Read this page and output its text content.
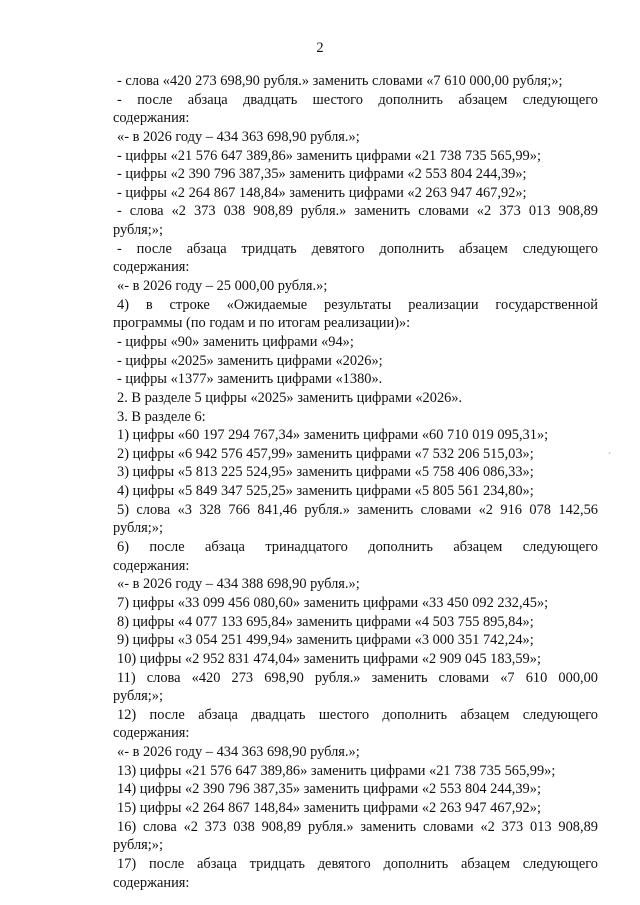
2
- слова «420 273 698,90 рубля.» заменить словами «7 610 000,00 рубля;»;
- после абзаца двадцать шестого дополнить абзацем следующего
содержания:
«- в 2026 году – 434 363 698,90 рубля.»;
- цифры «21 576 647 389,86» заменить цифрами «21 738 735 565,99»;
- цифры «2 390 796 387,35» заменить цифрами «2 553 804 244,39»;
- цифры «2 264 867 148,84» заменить цифрами «2 263 947 467,92»;
- слова «2 373 038 908,89 рубля.» заменить словами «2 373 013 908,89
рубля;»;
- после абзаца тридцать девятого дополнить абзацем следующего
содержания:
«- в 2026 году – 25 000,00 рубля.»;
4) в строке «Ожидаемые результаты реализации государственной
программы (по годам и по итогам реализации)»:
- цифры «90» заменить цифрами «94»;
- цифры «2025» заменить цифрами «2026»;
- цифры «1377» заменить цифрами «1380».
2. В разделе 5 цифры «2025» заменить цифрами «2026».
3. В разделе 6:
1) цифры «60 197 294 767,34» заменить цифрами «60 710 019 095,31»;
2) цифры «6 942 576 457,99» заменить цифрами «7 532 206 515,03»;
3) цифры «5 813 225 524,95» заменить цифрами «5 758 406 086,33»;
4) цифры «5 849 347 525,25» заменить цифрами «5 805 561 234,80»;
5) слова «3 328 766 841,46 рубля.» заменить словами «2 916 078 142,56
рубля;»;
6) после абзаца тринадцатого дополнить абзацем следующего
содержания:
«- в 2026 году – 434 388 698,90 рубля.»;
7) цифры «33 099 456 080,60» заменить цифрами «33 450 092 232,45»;
8) цифры «4 077 133 695,84» заменить цифрами «4 503 755 895,84»;
9) цифры «3 054 251 499,94» заменить цифрами «3 000 351 742,24»;
10) цифры «2 952 831 474,04» заменить цифрами «2 909 045 183,59»;
11) слова «420 273 698,90 рубля.» заменить словами «7 610 000,00
рубля;»;
12) после абзаца двадцать шестого дополнить абзацем следующего
содержания:
«- в 2026 году – 434 363 698,90 рубля.»;
13) цифры «21 576 647 389,86» заменить цифрами «21 738 735 565,99»;
14) цифры «2 390 796 387,35» заменить цифрами «2 553 804 244,39»;
15) цифры «2 264 867 148,84» заменить цифрами «2 263 947 467,92»;
16) слова «2 373 038 908,89 рубля.» заменить словами «2 373 013 908,89
рубля;»;
17) после абзаца тридцать девятого дополнить абзацем следующего
содержания:
´
